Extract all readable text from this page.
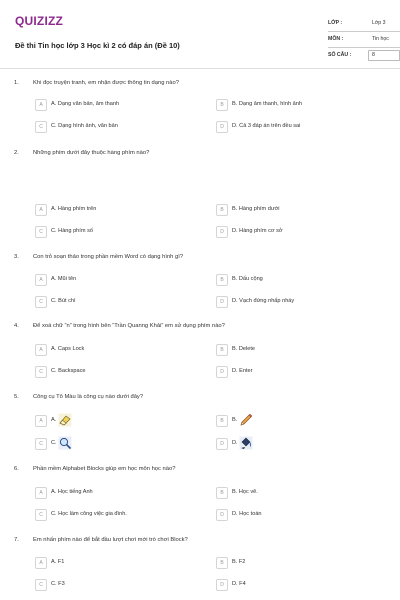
QUIZIZZ
Đề thi Tin học lớp 3 Học kì 2 có đáp án (Đề 10)
LỚP :	Lớp 3
MÔN :	Tin học
SỐ CÂU :	8
1. Khi đọc truyện tranh, em nhận được thông tin dạng nào?
A	A. Dạng văn bản, âm thanh	B	B. Dạng âm thanh, hình ảnh
C	C. Dạng hình ảnh, văn bản	D	D. Cả 3 đáp án trên đều sai
2. Những phím dưới đây thuộc hàng phím nào?
A	A. Hàng phím trên	B	B. Hàng phím dưới
C	C. Hàng phím số	D	D. Hàng phím cơ sở
3. Con trỏ soạn thảo trong phần mềm Word có dạng hình gì?
A	A. Mũi tên	B	B. Dấu cộng
C	C. Bút chì	D	D. Vạch đứng nhấp nháy
4. Để xoá chữ “n” trong hình bên “Trần Quanng Khải” em sử dụng phím nào?
A	A. Caps Lock	B	B. Delete
C	C. Backspace	D	D. Enter
5. Công cụ Tô Màu là công cụ nào dưới đây?
A	A.	B	B.
C	C.	D	D.
6. Phần mềm Alphabet Blocks giúp em học môn học nào?
A	A. Học tiếng Anh	B	B. Học vẽ.
C	C. Học làm công việc gia đình.	D	D. Học toán
7. Em nhấn phím nào để bắt đầu lượt chơi mới trò chơi Block?
A	A. F1	B	B. F2
C	C. F3	D	D. F4
